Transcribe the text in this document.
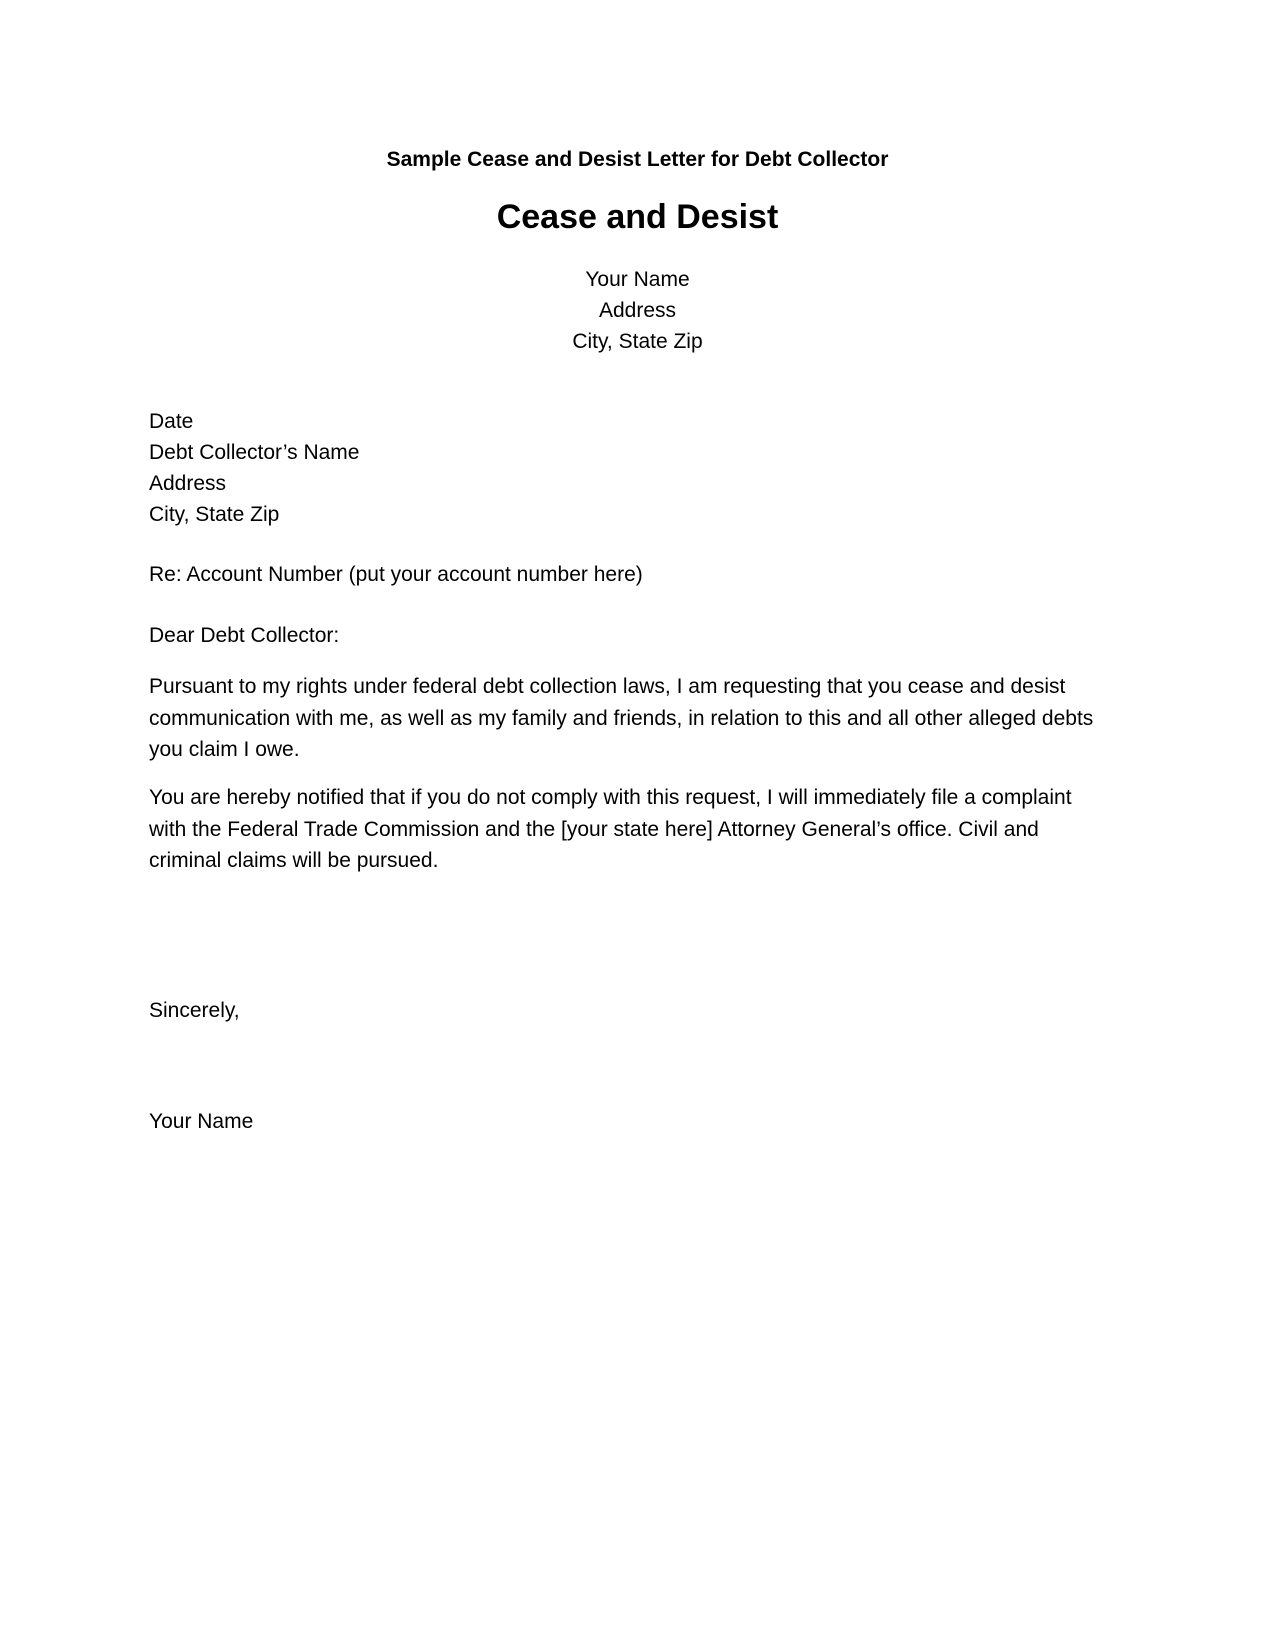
Sample Cease and Desist Letter for Debt Collector
Cease and Desist
Your Name
Address
City, State Zip
Date
Debt Collector’s Name
Address
City, State Zip
Re: Account Number (put your account number here)
Dear Debt Collector:
Pursuant to my rights under federal debt collection laws, I am requesting that you cease and desist
communication with me, as well as my family and friends, in relation to this and all other alleged debts
you claim I owe.
You are hereby notified that if you do not comply with this request, I will immediately file a complaint
with the Federal Trade Commission and the [your state here] Attorney General’s office. Civil and
criminal claims will be pursued.
Sincerely,
Your Name
